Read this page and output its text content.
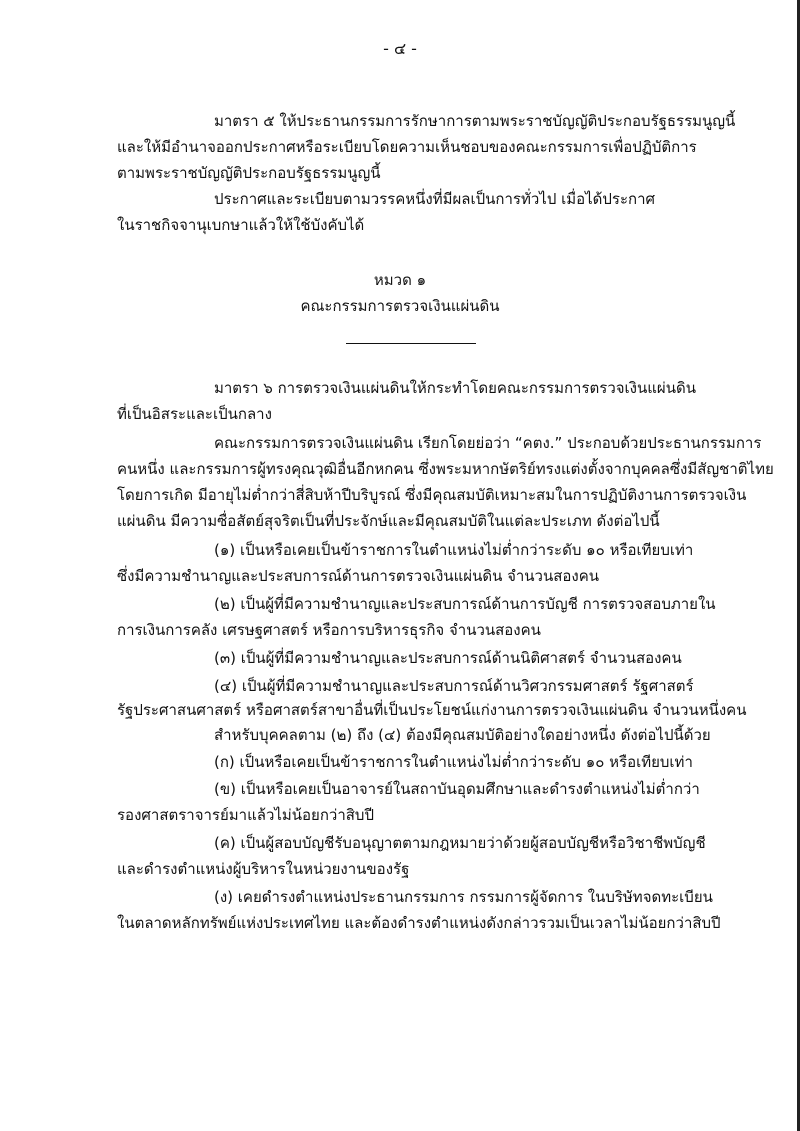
- ๔ -
มาตรา ๕ ให้ประธานกรรมการรักษาการตามพระราชบัญญัติประกอบรัฐธรรมนูญนี้
และให้มีอำนาจออกประกาศหรือระเบียบโดยความเห็นชอบของคณะกรรมการเพื่อปฏิบัติการ
ตามพระราชบัญญัติประกอบรัฐธรรมนูญนี้
ประกาศและระเบียบตามวรรคหนึ่งที่มีผลเป็นการทั่วไป เมื่อได้ประกาศ
ในราชกิจจานุเบกษาแล้วให้ใช้บังคับได้
หมวด ๑
คณะกรรมการตรวจเงินแผ่นดิน
มาตรา ๖ การตรวจเงินแผ่นดินให้กระทำโดยคณะกรรมการตรวจเงินแผ่นดิน
ที่เป็นอิสระและเป็นกลาง
คณะกรรมการตรวจเงินแผ่นดิน เรียกโดยย่อว่า “คตง.” ประกอบด้วยประธานกรรมการ
คนหนึ่ง และกรรมการผู้ทรงคุณวุฒิอื่นอีกหกคน ซึ่งพระมหากษัตริย์ทรงแต่งตั้งจากบุคคลซึ่งมีสัญชาติไทย
โดยการเกิด มีอายุไม่ต่ำกว่าสี่สิบห้าปีบริบูรณ์ ซึ่งมีคุณสมบัติเหมาะสมในการปฏิบัติงานการตรวจเงิน
แผ่นดิน มีความซื่อสัตย์สุจริตเป็นที่ประจักษ์และมีคุณสมบัติในแต่ละประเภท ดังต่อไปนี้
(๑) เป็นหรือเคยเป็นข้าราชการในตำแหน่งไม่ต่ำกว่าระดับ ๑๐ หรือเทียบเท่า
ซึ่งมีความชำนาญและประสบการณ์ด้านการตรวจเงินแผ่นดิน จำนวนสองคน
(๒) เป็นผู้ที่มีความชำนาญและประสบการณ์ด้านการบัญชี การตรวจสอบภายใน
การเงินการคลัง เศรษฐศาสตร์ หรือการบริหารธุรกิจ จำนวนสองคน
(๓) เป็นผู้ที่มีความชำนาญและประสบการณ์ด้านนิติศาสตร์ จำนวนสองคน
(๔) เป็นผู้ที่มีความชำนาญและประสบการณ์ด้านวิศวกรรมศาสตร์ รัฐศาสตร์
รัฐประศาสนศาสตร์ หรือศาสตร์สาขาอื่นที่เป็นประโยชน์แก่งานการตรวจเงินแผ่นดิน จำนวนหนึ่งคน
สำหรับบุคคลตาม (๒) ถึง (๔) ต้องมีคุณสมบัติอย่างใดอย่างหนึ่ง ดังต่อไปนี้ด้วย
(ก) เป็นหรือเคยเป็นข้าราชการในตำแหน่งไม่ต่ำกว่าระดับ ๑๐ หรือเทียบเท่า
(ข) เป็นหรือเคยเป็นอาจารย์ในสถาบันอุดมศึกษาและดำรงตำแหน่งไม่ต่ำกว่า
รองศาสตราจารย์มาแล้วไม่น้อยกว่าสิบปี
(ค) เป็นผู้สอบบัญชีรับอนุญาตตามกฎหมายว่าด้วยผู้สอบบัญชีหรือวิชาชีพบัญชี
และดำรงตำแหน่งผู้บริหารในหน่วยงานของรัฐ
(ง) เคยดำรงตำแหน่งประธานกรรมการ กรรมการผู้จัดการ ในบริษัทจดทะเบียน
ในตลาดหลักทรัพย์แห่งประเทศไทย และต้องดำรงตำแหน่งดังกล่าวรวมเป็นเวลาไม่น้อยกว่าสิบปี
